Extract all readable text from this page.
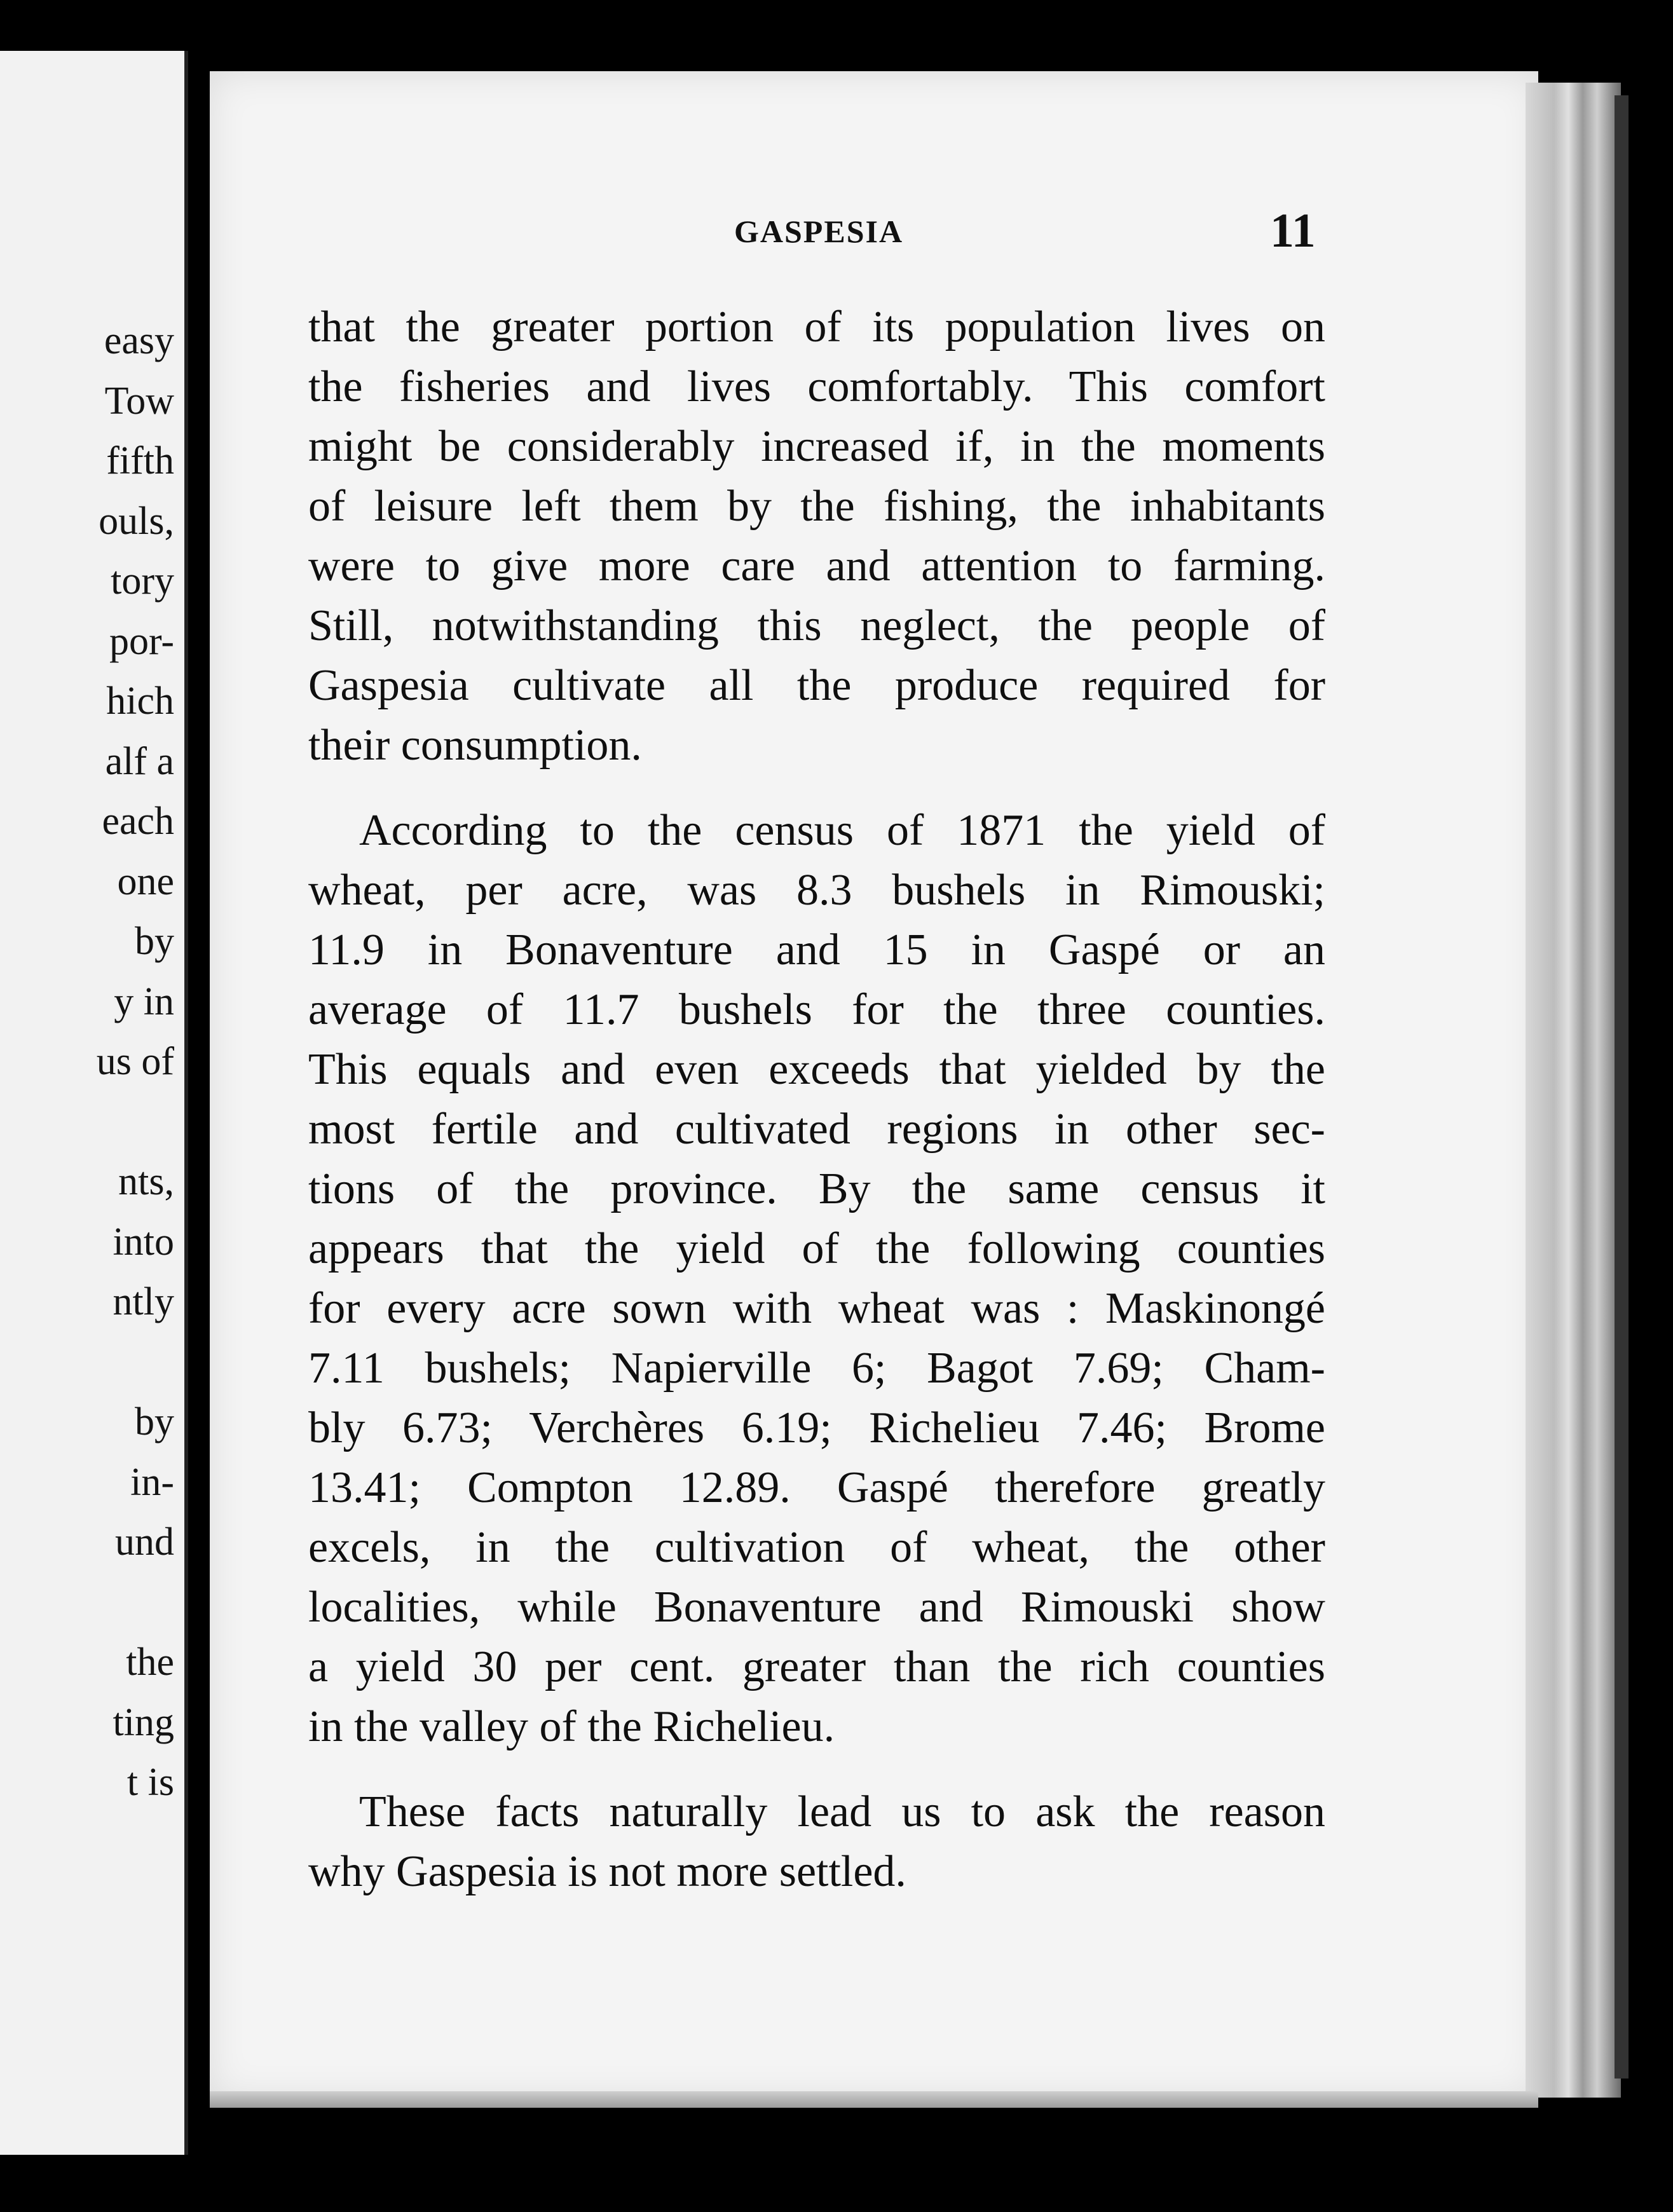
easy
Tow
fifth
ouls,
tory
por-
hich
alf a
each
one
by
y in
us of
nts,
into
ntly
by
in-
und
the
ting
t is
GASPESIA	11
that the greater portion of its population lives on
the fisheries and lives comfortably. This comfort
might be considerably increased if, in the moments
of leisure left them by the fishing, the inhabitants
were to give more care and attention to farming.
Still, notwithstanding this neglect, the people of
Gaspesia cultivate all the produce required for
their consumption.
According to the census of 1871 the yield of
wheat, per acre, was 8.3 bushels in Rimouski;
11.9 in Bonaventure and 15 in Gaspé or an
average of 11.7 bushels for the three counties.
This equals and even exceeds that yielded by the
most fertile and cultivated regions in other sec-
tions of the province. By the same census it
appears that the yield of the following counties
for every acre sown with wheat was : Maskinongé
7.11 bushels; Napierville 6; Bagot 7.69; Cham-
bly 6.73; Verchères 6.19; Richelieu 7.46; Brome
13.41; Compton 12.89. Gaspé therefore greatly
excels, in the cultivation of wheat, the other
localities, while Bonaventure and Rimouski show
a yield 30 per cent. greater than the rich counties
in the valley of the Richelieu.
These facts naturally lead us to ask the reason
why Gaspesia is not more settled.
